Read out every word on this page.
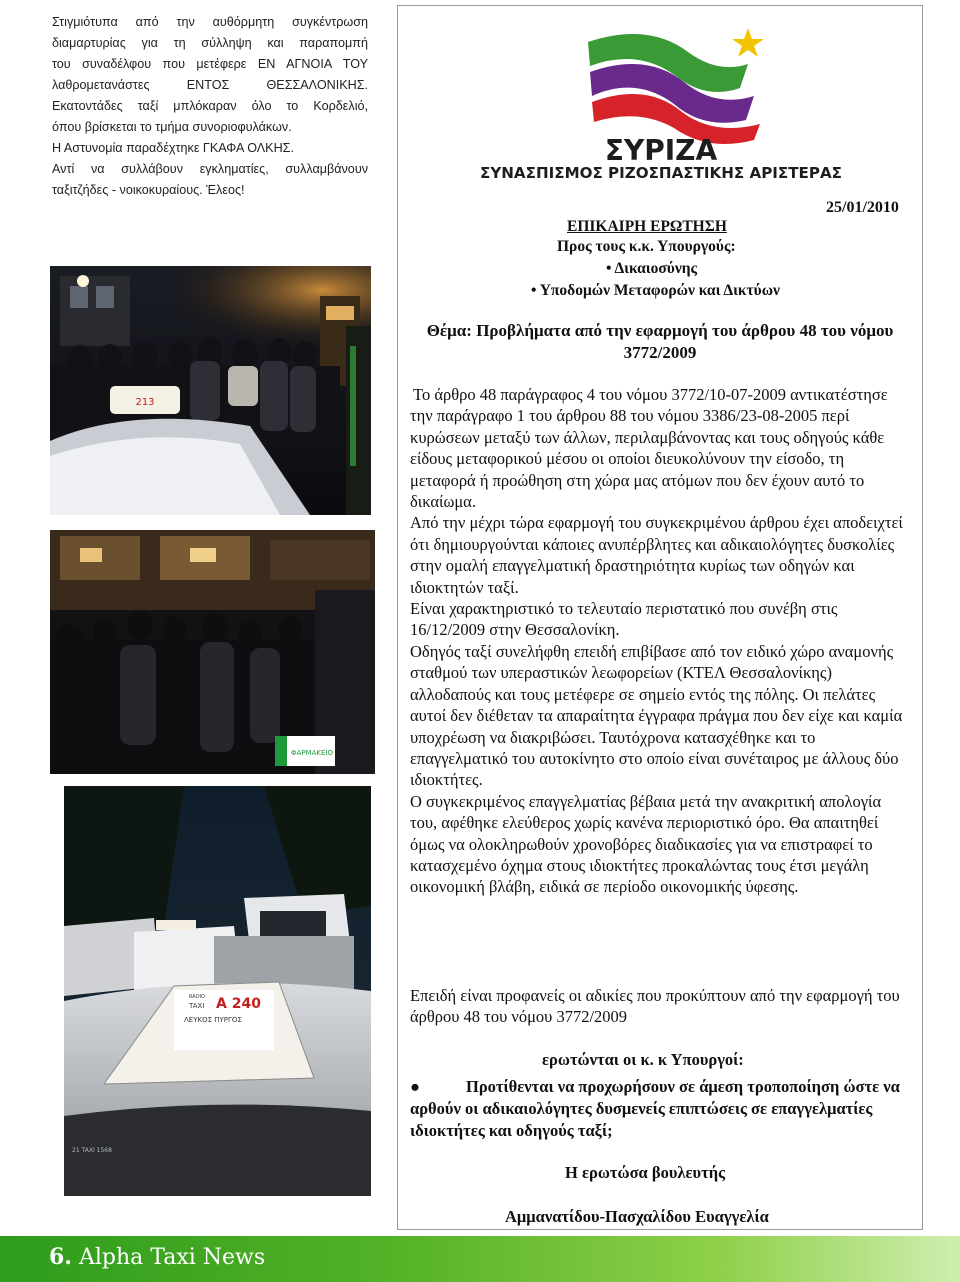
Στιγμιότυπα από την αυθόρμητη συγκέντρωση
διαμαρτυρίας για τη σύλληψη και παραπομπή
του συναδέλφου που μετέφερε ΕΝ ΑΓΝΟΙΑ ΤΟΥ
λαθρομετανάστες ΕΝΤΟΣ ΘΕΣΣΑΛΟΝΙΚΗΣ.
Εκατοντάδες ταξί μπλόκαραν όλο το Κορδελιό,
όπου βρίσκεται το τμήμα συνοριοφυλάκων.
Η Αστυνομία παραδέχτηκε ΓΚΑΦΑ ΟΛΚΗΣ.
Αντί να συλλάβουν εγκληματίες, συλλαμβάνουν
ταξιτζήδες - νοικοκυραίους. Έλεος!
213
ΦΑΡΜΑΚΕΙΟ
RADIO
TAXI Α 240
ΛΕΥΚΟΣ ΠΥΡΓΟΣ
21 TAXI 1568
ΣΥΡΙΖΑ
ΣΥΝΑΣΠΙΣΜΟΣ ΡΙΖΟΣΠΑΣΤΙΚΗΣ ΑΡΙΣΤΕΡΑΣ
25/01/2010
ΕΠΙΚΑΙΡΗ ΕΡΩΤΗΣΗ
Προς τους κ.κ. Υπουργούς:
• Δικαιοσύνης
• Υποδομών Μεταφορών και Δικτύων
Θέμα: Προβλήματα από την εφαρμογή του άρθρου 48 του νόμου 3772/2009

Το άρθρο 48 παράγραφος 4 του νόμου 3772/10-07-2009 αντικατέστησε την παράγραφο 1 του άρθρου 88 του νόμου 3386/23-08-2005 περί κυρώσεων μεταξύ των άλλων, περιλαμβάνοντας και τους οδηγούς κάθε είδους μεταφορικού μέσου οι οποίοι διευκολύνουν την είσοδο, τη μεταφορά ή προώθηση στη χώρα μας ατόμων που δεν έχουν αυτό το δικαίωμα.

Από την μέχρι τώρα εφαρμογή του συγκεκριμένου άρθρου έχει αποδειχτεί ότι δημιουργούνται κάποιες ανυπέρβλητες και αδικαιολόγητες δυσκολίες στην ομαλή επαγγελματική δραστηριότητα κυρίως των οδηγών και ιδιοκτητών ταξί.

Είναι χαρακτηριστικό το τελευταίο περιστατικό που συνέβη στις 16/12/2009 στην Θεσσαλονίκη.

Οδηγός ταξί συνελήφθη επειδή επιβίβασε από τον ειδικό χώρο αναμονής σταθμού των υπεραστικών λεωφορείων (ΚΤΕΛ Θεσσαλονίκης) αλλοδαπούς και τους μετέφερε σε σημείο εντός της πόλης. Οι πελάτες αυτοί δεν διέθεταν τα απαραίτητα έγγραφα πράγμα που δεν είχε και καμία υποχρέωση να διακριβώσει. Ταυτόχρονα κατασχέθηκε και το επαγγελματικό του αυτοκίνητο στο οποίο είναι συνέταιρος με άλλους δύο ιδιοκτήτες.

Ο συγκεκριμένος επαγγελματίας βέβαια μετά την ανακριτική απολογία του, αφέθηκε ελεύθερος χωρίς κανένα περιοριστικό όρο. Θα απαιτηθεί όμως να ολοκληρωθούν χρονοβόρες διαδικασίες για να επιστραφεί το κατασχεμένο όχημα στους ιδιοκτήτες προκαλώντας τους έτσι μεγάλη οικονομική βλάβη, ειδικά σε περίοδο οικονομικής ύφεσης.

Επειδή είναι προφανείς οι αδικίες που προκύπτουν από την εφαρμογή του άρθρου 48 του νόμου 3772/2009
ερωτώνται οι κ. κ Υπουργοί:
●	Προτίθενται να προχωρήσουν σε άμεση τροποποίηση ώστε να αρθούν οι αδικαιολόγητες δυσμενείς επιπτώσεις σε επαγγελματίες ιδιοκτήτες και οδηγούς ταξί;
Η ερωτώσα βουλευτής
Αμμανατίδου-Πασχαλίδου Ευαγγελία
6. Alpha Taxi News
